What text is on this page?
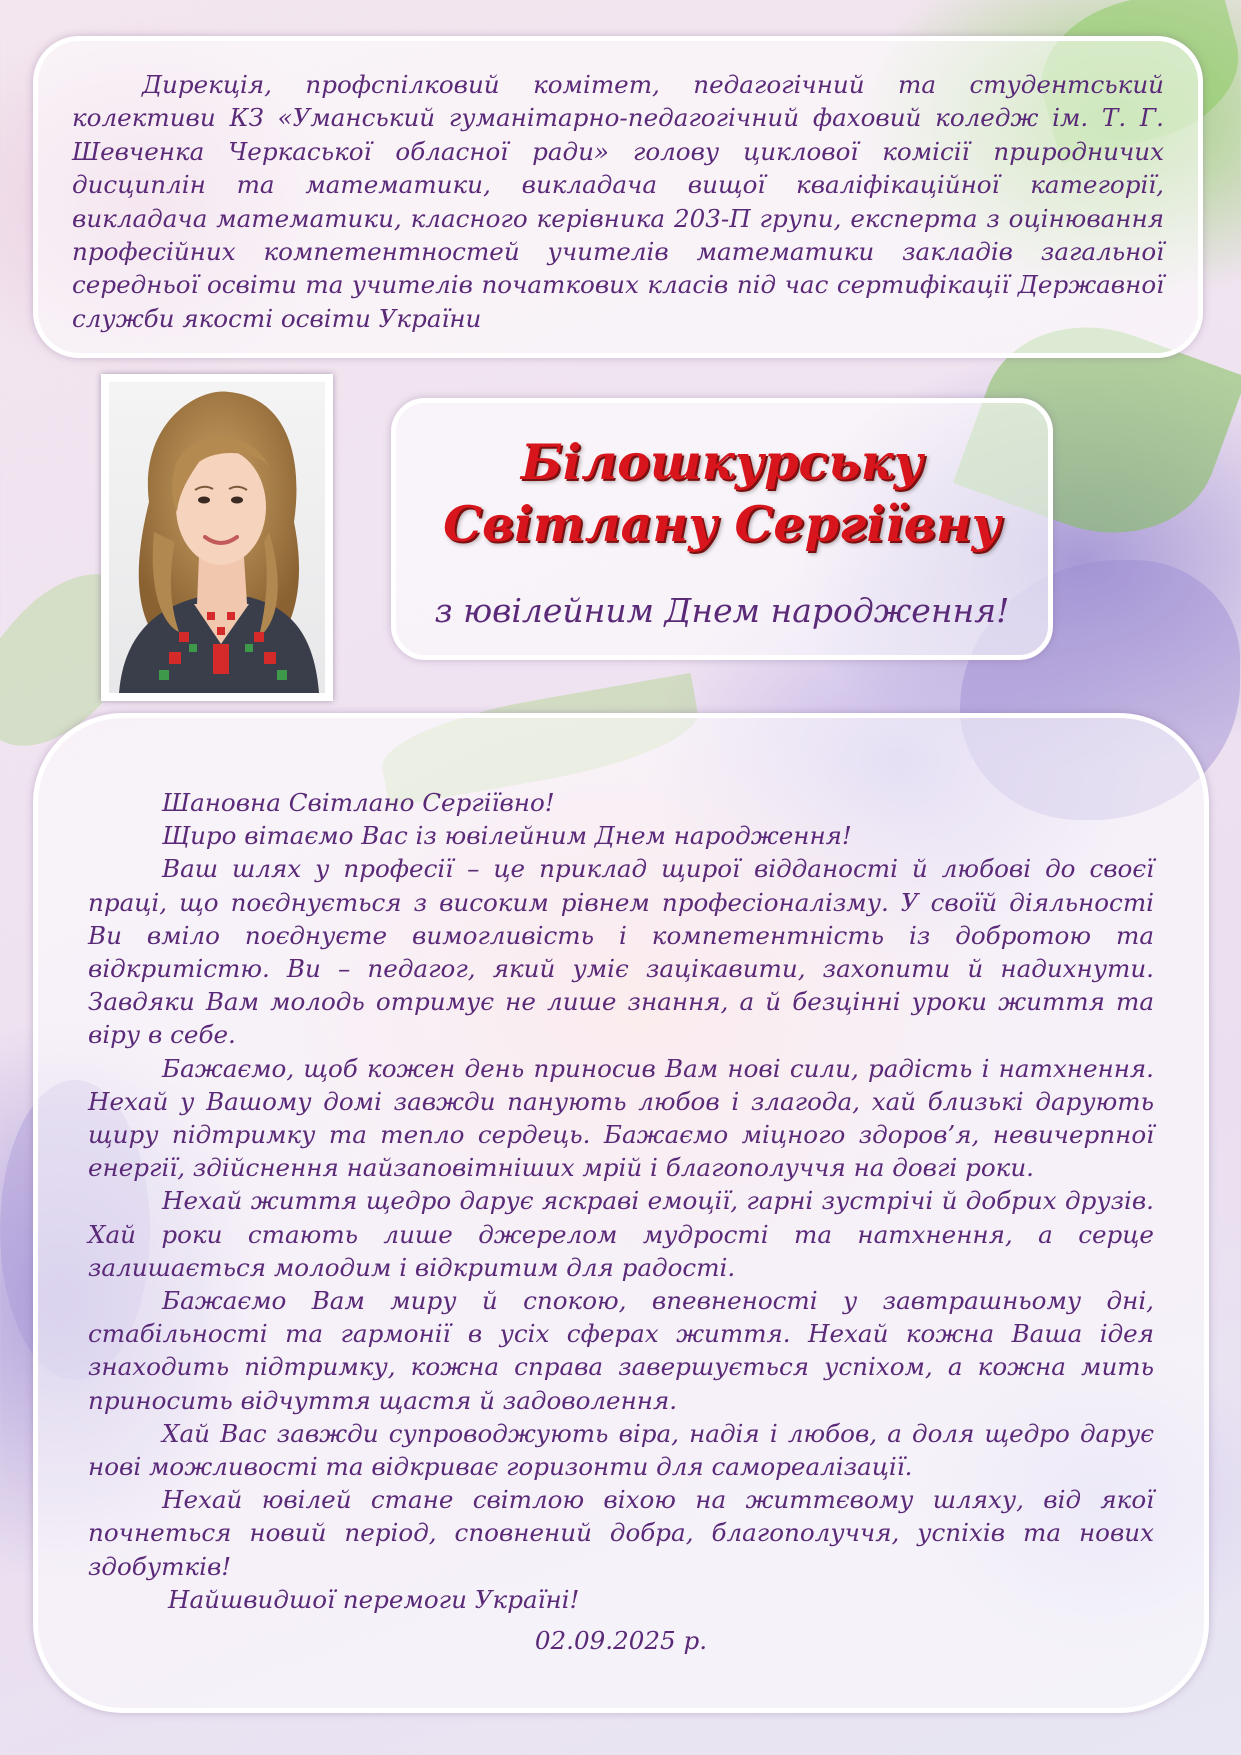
Дирекція, профспілковий комітет, педагогічний та студентський колективи КЗ «Уманський гуманітарно-педагогічний фаховий коледж ім. Т. Г. Шевченка Черкаської обласної ради» голову циклової комісії природничих дисциплін та математики, викладача вищої кваліфікаційної категорії, викладача математики, класного керівника 203-П групи, експерта з оцінювання професійних компетентностей учителів математики закладів загальної середньої освіти та учителів початкових класів під час сертифікації Державної служби якості освіти України

Білошкурську
Світлану Сергіївну
з ювілейним Днем народження!

Шановна Світлано Сергіївно!

Щиро вітаємо Вас із ювілейним Днем народження!

Ваш шлях у професії – це приклад щирої відданості й любові до своєї праці, що поєднується з високим рівнем професіоналізму. У своїй діяльності Ви вміло поєднуєте вимогливість і компетентність із добротою та відкритістю. Ви – педагог, який уміє зацікавити, захопити й надихнути. Завдяки Вам молодь отримує не лише знання, а й безцінні уроки життя та віру в себе.

Бажаємо, щоб кожен день приносив Вам нові сили, радість і натхнення. Нехай у Вашому домі завжди панують любов і злагода, хай близькі дарують щиру підтримку та тепло сердець. Бажаємо міцного здоров’я, невичерпної енергії, здійснення найзаповітніших мрій і благополуччя на довгі роки.

Нехай життя щедро дарує яскраві емоції, гарні зустрічі й добрих друзів. Хай роки стають лише джерелом мудрості та натхнення, а серце залишається молодим і відкритим для радості.

Бажаємо Вам миру й спокою, впевненості у завтрашньому дні, стабільності та гармонії в усіх сферах життя. Нехай кожна Ваша ідея знаходить підтримку, кожна справа завершується успіхом, а кожна мить приносить відчуття щастя й задоволення.

Хай Вас завжди супроводжують віра, надія і любов, а доля щедро дарує нові можливості та відкриває горизонти для самореалізації.

Нехай ювілей стане світлою віхою на життєвому шляху, від якої почнеться новий період, сповнений добра, благополуччя, успіхів та нових здобутків!

Найшвидшої перемоги Україні!

02.09.2025 р.
